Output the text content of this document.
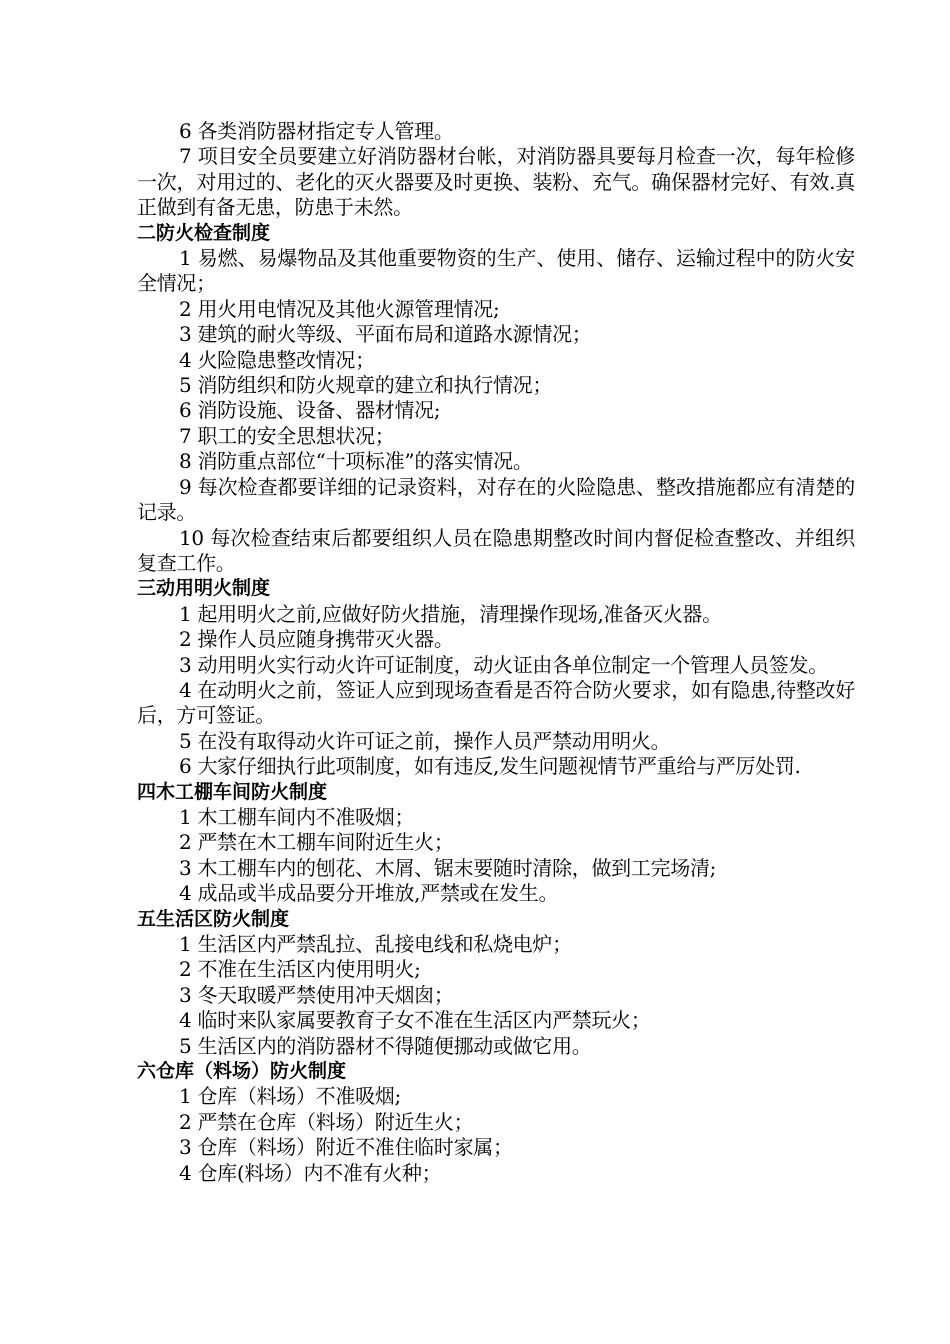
6 各类消防器材指定专人管理。

7 项目安全员要建立好消防器材台帐，对消防器具要每月检查一次，每年检修一次，对用过的、老化的灭火器要及时更换、装粉、充气。确保器材完好、有效.真正做到有备无患，防患于未然。

二防火检查制度

1 易燃、易爆物品及其他重要物资的生产、使用、储存、运输过程中的防火安全情况；

2 用火用电情况及其他火源管理情况;

3 建筑的耐火等级、平面布局和道路水源情况；

4 火险隐患整改情况；

5 消防组织和防火规章的建立和执行情况；

6 消防设施、设备、器材情况;

7 职工的安全思想状况；

8 消防重点部位“十项标准”的落实情况。

9 每次检查都要详细的记录资料，对存在的火险隐患、整改措施都应有清楚的记录。

10 每次检查结束后都要组织人员在隐患期整改时间内督促检查整改、并组织复查工作。

三动用明火制度

1 起用明火之前,应做好防火措施，清理操作现场,准备灭火器。

2 操作人员应随身携带灭火器。

3 动用明火实行动火许可证制度，动火证由各单位制定一个管理人员签发。

4 在动明火之前，签证人应到现场查看是否符合防火要求，如有隐患,待整改好后，方可签证。

5 在没有取得动火许可证之前，操作人员严禁动用明火。

6 大家仔细执行此项制度，如有违反,发生问题视情节严重给与严厉处罚.

四木工棚车间防火制度

1 木工棚车间内不准吸烟；

2 严禁在木工棚车间附近生火；

3 木工棚车内的刨花、木屑、锯末要随时清除，做到工完场清;

4 成品或半成品要分开堆放,严禁或在发生。

五生活区防火制度

1 生活区内严禁乱拉、乱接电线和私烧电炉；

2 不准在生活区内使用明火;

3 冬天取暖严禁使用冲天烟囱；

4 临时来队家属要教育子女不准在生活区内严禁玩火；

5 生活区内的消防器材不得随便挪动或做它用。

六仓库（料场）防火制度

1 仓库（料场）不准吸烟;

2 严禁在仓库（料场）附近生火；

3 仓库（料场）附近不准住临时家属；

4 仓库(料场）内不准有火种；
